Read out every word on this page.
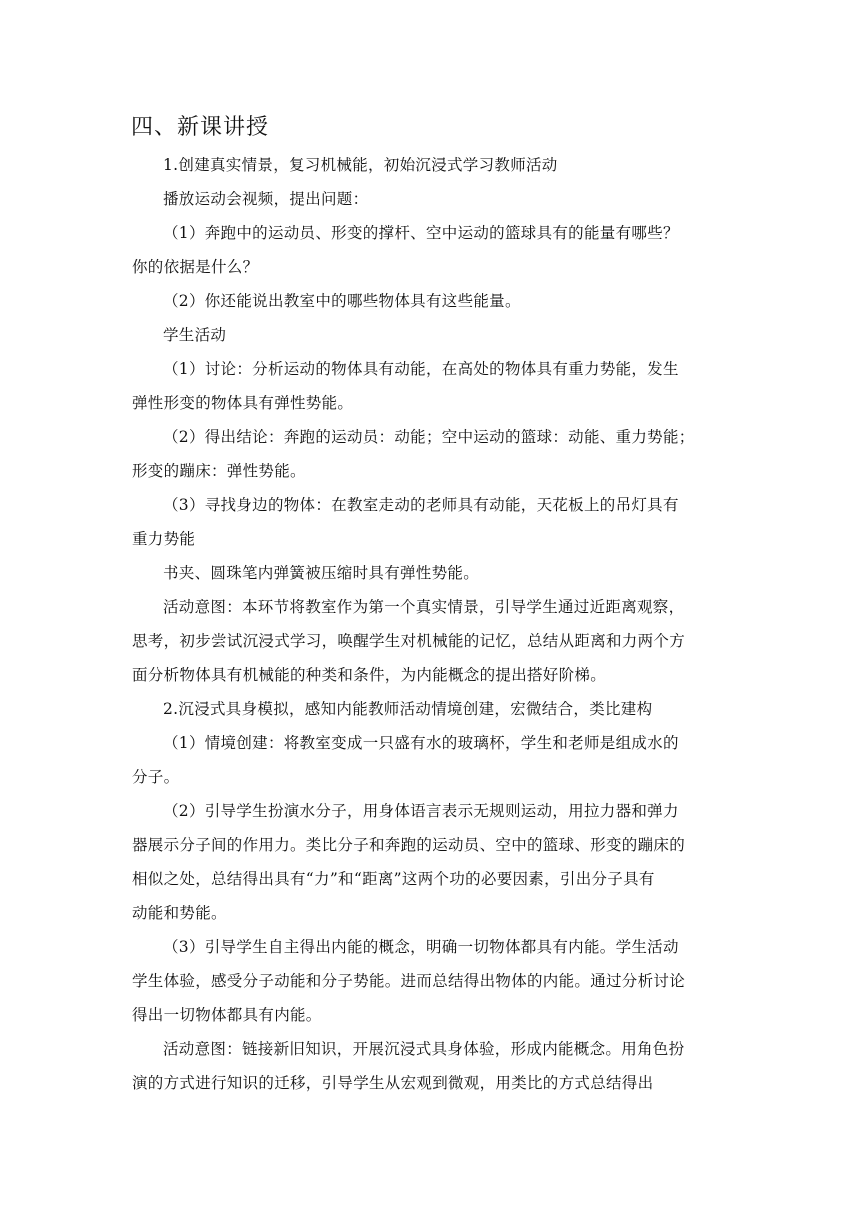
四、新课讲授
1.创建真实情景，复习机械能，初始沉浸式学习教师活动
播放运动会视频，提出问题：
（1）奔跑中的运动员、形变的撑杆、空中运动的篮球具有的能量有哪些？
你的依据是什么？
（2）你还能说出教室中的哪些物体具有这些能量。
学生活动
（1）讨论：分析运动的物体具有动能，在高处的物体具有重力势能，发生
弹性形变的物体具有弹性势能。
（2）得出结论：奔跑的运动员：动能；空中运动的篮球：动能、重力势能；
形变的蹦床：弹性势能。
（3）寻找身边的物体：在教室走动的老师具有动能，天花板上的吊灯具有
重力势能
书夹、圆珠笔内弹簧被压缩时具有弹性势能。
活动意图：本环节将教室作为第一个真实情景，引导学生通过近距离观察，
思考，初步尝试沉浸式学习，唤醒学生对机械能的记忆，总结从距离和力两个方
面分析物体具有机械能的种类和条件，为内能概念的提出搭好阶梯。
2.沉浸式具身模拟，感知内能教师活动情境创建，宏微结合，类比建构
（1）情境创建：将教室变成一只盛有水的玻璃杯，学生和老师是组成水的
分子。
（2）引导学生扮演水分子，用身体语言表示无规则运动，用拉力器和弹力
器展示分子间的作用力。类比分子和奔跑的运动员、空中的篮球、形变的蹦床的
相似之处，总结得出具有“力”和“距离”这两个功的必要因素，引出分子具有
动能和势能。
（3）引导学生自主得出内能的概念，明确一切物体都具有内能。学生活动
学生体验，感受分子动能和分子势能。进而总结得出物体的内能。通过分析讨论
得出一切物体都具有内能。
活动意图：链接新旧知识，开展沉浸式具身体验，形成内能概念。用角色扮
演的方式进行知识的迁移，引导学生从宏观到微观，用类比的方式总结得出
